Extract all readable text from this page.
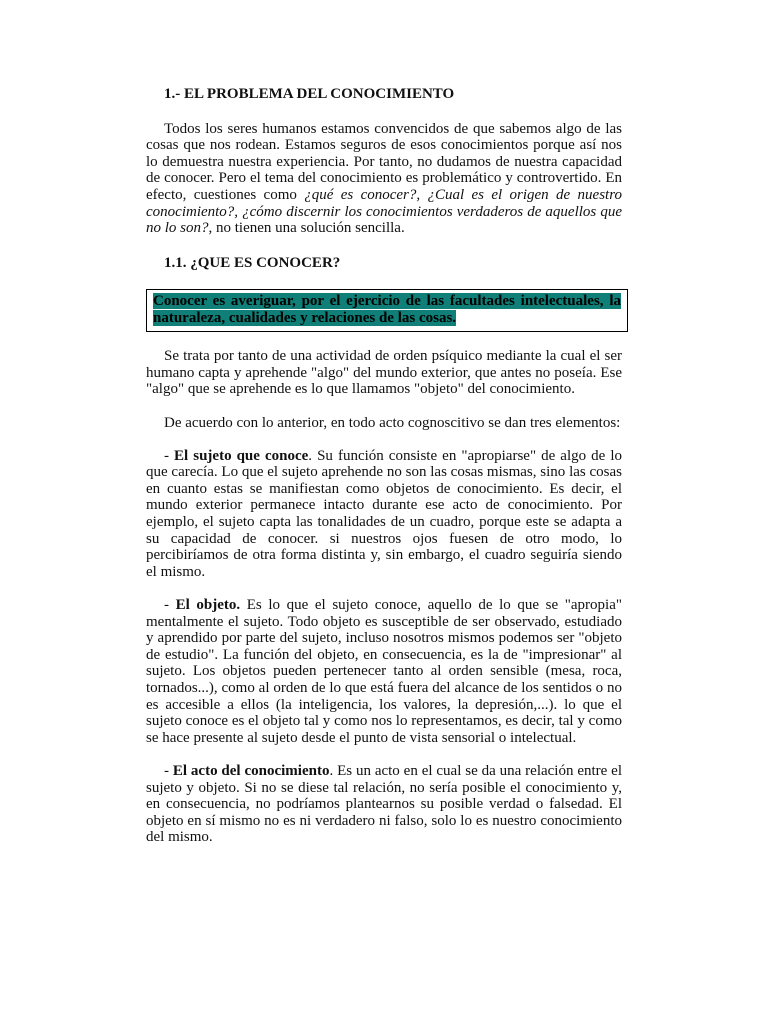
1.- EL PROBLEMA DEL CONOCIMIENTO

Todos los seres humanos estamos convencidos de que sabemos algo de las cosas que nos rodean. Estamos seguros de esos conocimientos porque así nos lo demuestra nuestra experiencia. Por tanto, no dudamos de nuestra capacidad de conocer. Pero el tema del conocimiento es problemático y controvertido. En efecto, cuestiones como ¿qué es conocer?, ¿Cual es el origen de nuestro conocimiento?, ¿cómo discernir los conocimientos verdaderos de aquellos que no lo son?, no tienen una solución sencilla.

1.1. ¿QUE ES CONOCER?
Conocer es averiguar, por el ejercicio de las facultades intelectuales, la naturaleza, cualidades y relaciones de las cosas.

Se trata por tanto de una actividad de orden psíquico mediante la cual el ser humano capta y aprehende "algo" del mundo exterior, que antes no poseía. Ese "algo" que se aprehende es lo que llamamos "objeto" del conocimiento.

De acuerdo con lo anterior, en todo acto cognoscitivo se dan tres elementos:

- El sujeto que conoce. Su función consiste en "apropiarse" de algo de lo que carecía. Lo que el sujeto aprehende no son las cosas mismas, sino las cosas en cuanto estas se manifiestan como objetos de conocimiento. Es decir, el mundo exterior permanece intacto durante ese acto de conocimiento. Por ejemplo, el sujeto capta las tonalidades de un cuadro, porque este se adapta a su capacidad de conocer. si nuestros ojos fuesen de otro modo, lo percibiríamos de otra forma distinta y, sin embargo, el cuadro seguiría siendo el mismo.

- El objeto. Es lo que el sujeto conoce, aquello de lo que se "apropia" mentalmente el sujeto. Todo objeto es susceptible de ser observado, estudiado y aprendido por parte del sujeto, incluso nosotros mismos podemos ser "objeto de estudio". La función del objeto, en consecuencia, es la de "impresionar" al sujeto. Los objetos pueden pertenecer tanto al orden sensible (mesa, roca, tornados...), como al orden de lo que está fuera del alcance de los sentidos o no es accesible a ellos (la inteligencia, los valores, la depresión,...). lo que el sujeto conoce es el objeto tal y como nos lo representamos, es decir, tal y como se hace presente al sujeto desde el punto de vista sensorial o intelectual.

- El acto del conocimiento. Es un acto en el cual se da una relación entre el sujeto y objeto. Si no se diese tal relación, no sería posible el conocimiento y, en consecuencia, no podríamos plantearnos su posible verdad o falsedad. El objeto en sí mismo no es ni verdadero ni falso, solo lo es nuestro conocimiento del mismo.
